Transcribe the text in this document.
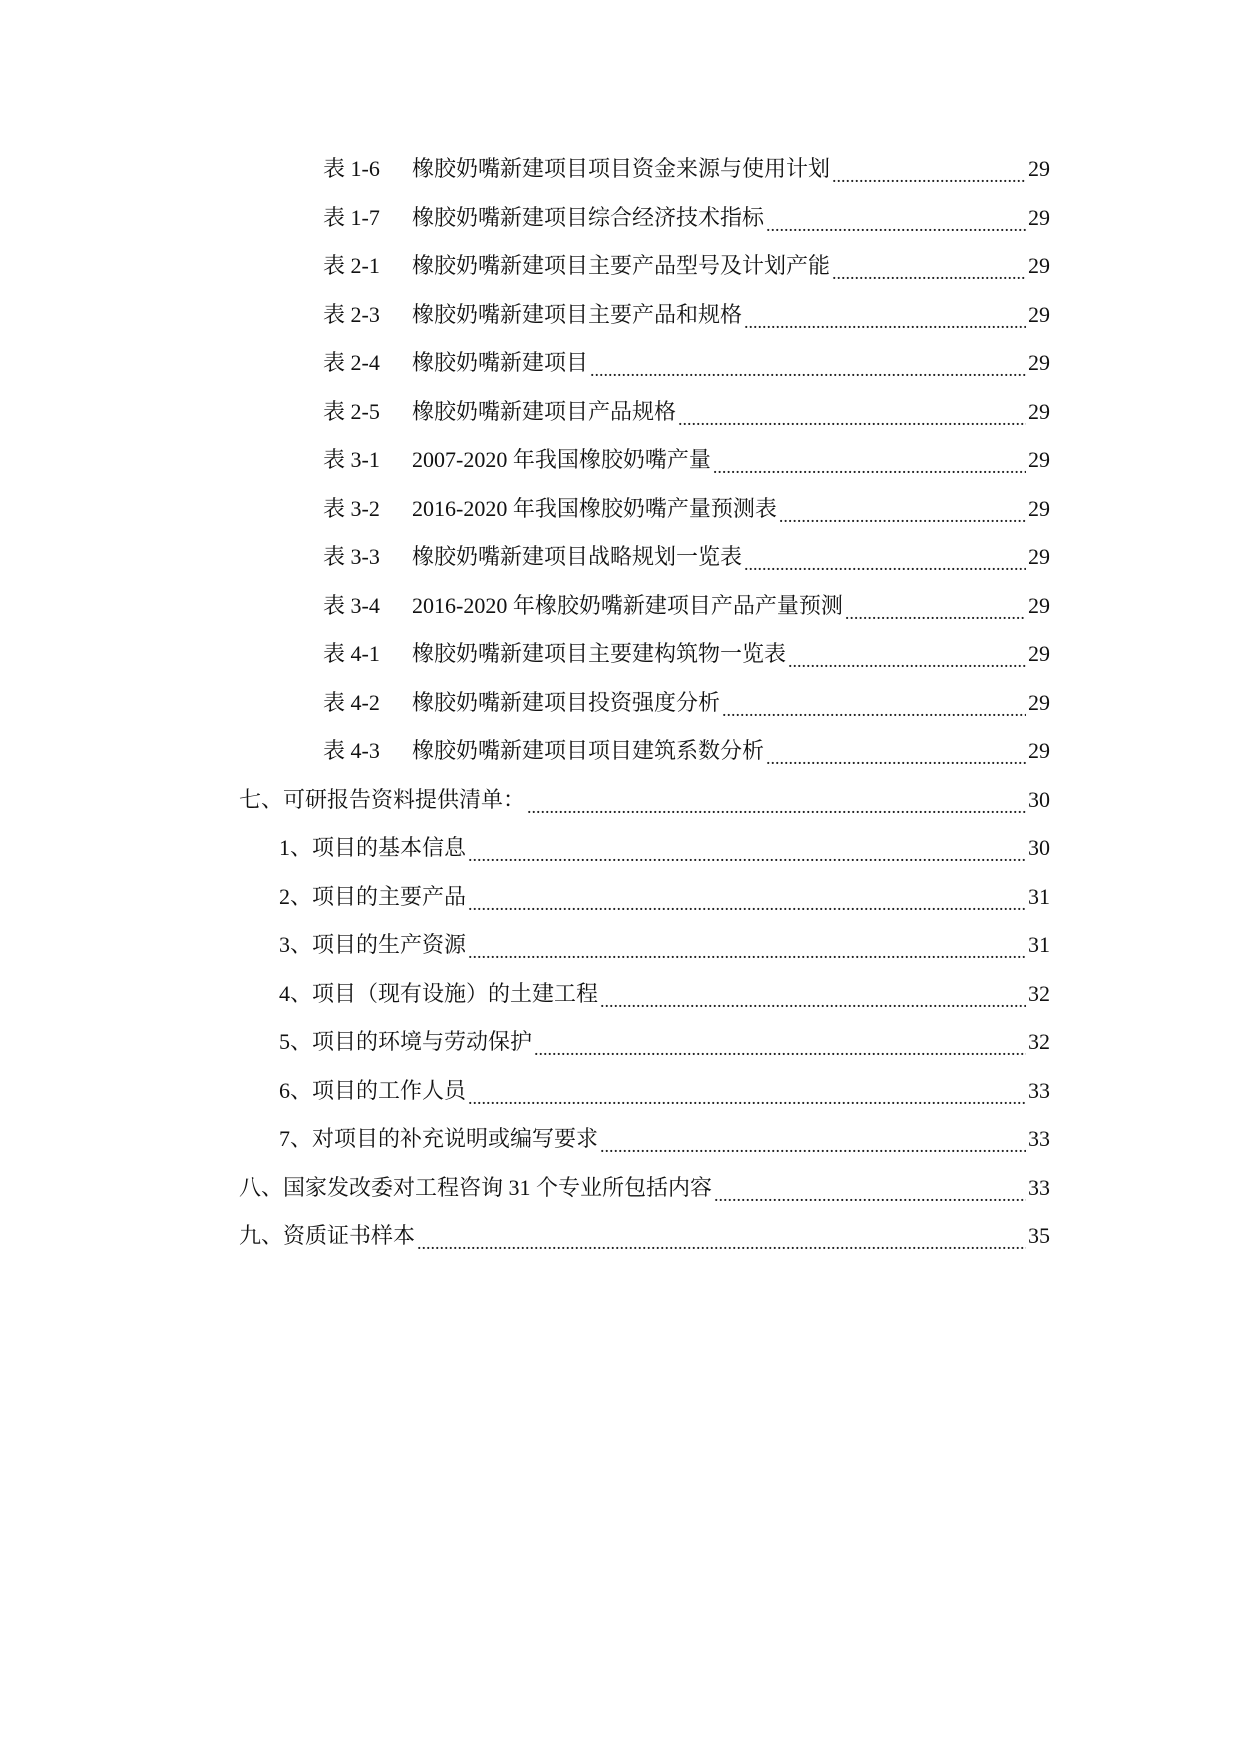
表 1-6	橡胶奶嘴新建项目项目资金来源与使用计划 .....	29
表 1-7	橡胶奶嘴新建项目综合经济技术指标 .....	29
表 2-1	橡胶奶嘴新建项目主要产品型号及计划产能 .....	29
表 2-3	橡胶奶嘴新建项目主要产品和规格 .....	29
表 2-4	橡胶奶嘴新建项目 .....	29
表 2-5	橡胶奶嘴新建项目产品规格 .....	29
表 3-1	2007-2020 年我国橡胶奶嘴产量 .....	29
表 3-2	2016-2020 年我国橡胶奶嘴产量预测表 .....	29
表 3-3	橡胶奶嘴新建项目战略规划一览表 .....	29
表 3-4	2016-2020 年橡胶奶嘴新建项目产品产量预测 .....	29
表 4-1	橡胶奶嘴新建项目主要建构筑物一览表 .....	29
表 4-2	橡胶奶嘴新建项目投资强度分析 .....	29
表 4-3	橡胶奶嘴新建项目项目建筑系数分析 .....	29
七、 可研报告资料提供清单： .....	30
1、 项目的基本信息 .....	30
2、 项目的主要产品 .....	31
3、 项目的生产资源 .....	31
4、 项目（现有设施）的土建工程 .....	32
5、 项目的环境与劳动保护 .....	32
6、 项目的工作人员 .....	33
7、 对项目的补充说明或编写要求 .....	33
八、 国家发改委对工程咨询 31 个专业所包括内容 .....	33
九、 资质证书样本 .....	35
